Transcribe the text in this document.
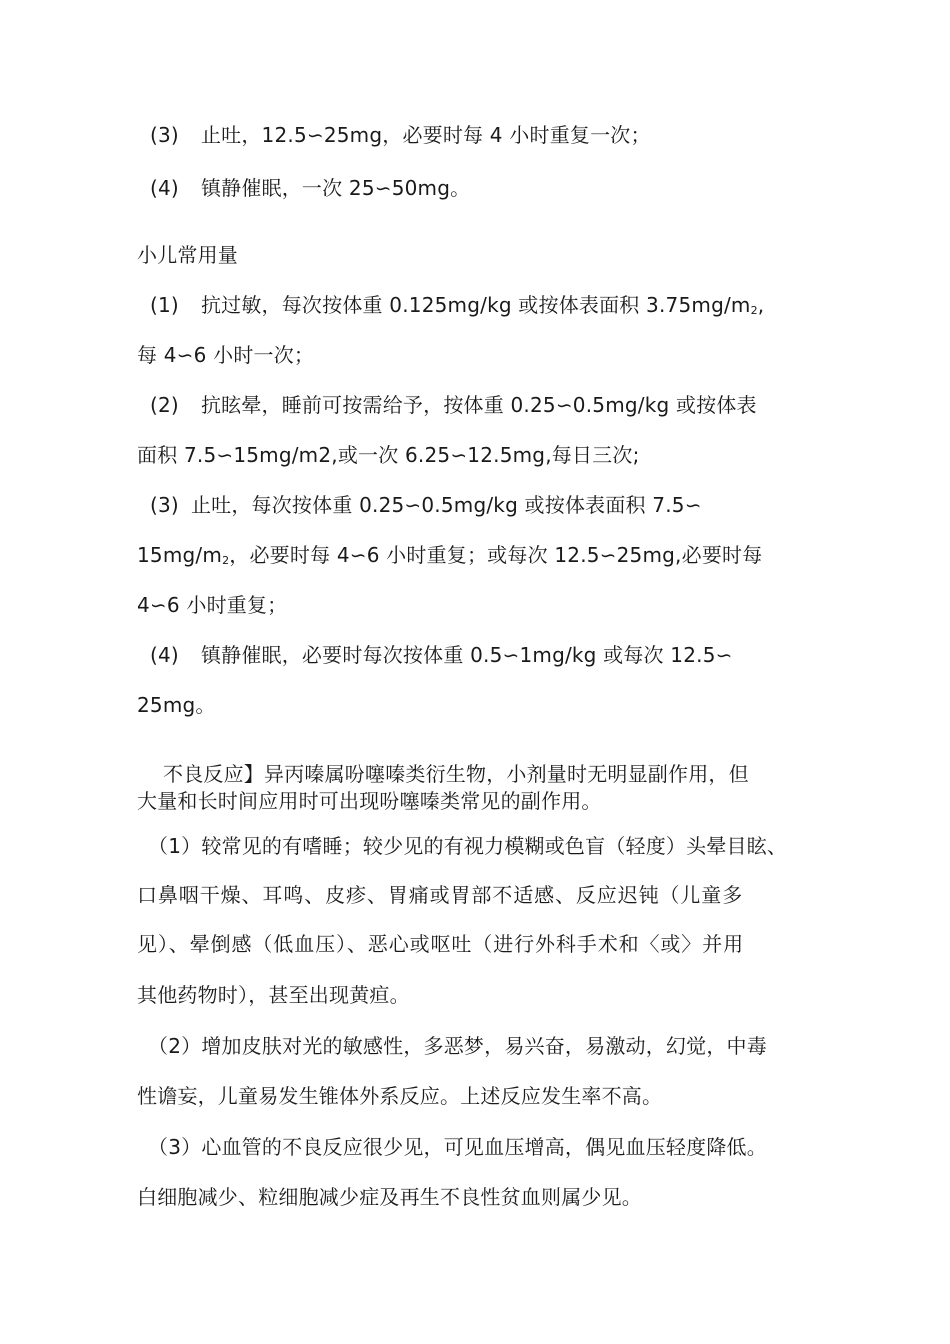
(3) 止吐，12.5∽25mg，必要时每 4 小时重复一次；
(4) 镇静催眠，一次 25∽50mg。
小儿常用量
(1) 抗过敏，每次按体重 0.125mg/kg 或按体表面积 3.75mg/m2,
每 4∽6 小时一次；
(2) 抗眩晕，睡前可按需给予，按体重 0.25∽0.5mg/kg 或按体表
面积 7.5∽15mg/m2,或一次 6.25∽12.5mg,每日三次;
(3) 止吐，每次按体重 0.25∽0.5mg/kg 或按体表面积 7.5∽
15mg/m2，必要时每 4∽6 小时重复；或每次 12.5∽25mg,必要时每
4∽6 小时重复；
(4) 镇静催眠，必要时每次按体重 0.5∽1mg/kg 或每次 12.5∽
25mg。
不良反应】异丙嗪属吩噻嗪类衍生物，小剂量时无明显副作用，但
大量和长时间应用时可出现吩噻嗪类常见的副作用。
（1）较常见的有嗜睡；较少见的有视力模糊或色盲（轻度）头晕目眩、
口鼻咽干燥、耳鸣、皮疹、胃痛或胃部不适感、反应迟钝（儿童多
见）、晕倒感（低血压）、恶心或呕吐（进行外科手术和〈或〉并用
其他药物时），甚至出现黄疸。
（2）增加皮肤对光的敏感性，多恶梦，易兴奋，易激动，幻觉，中毒
性谵妄，儿童易发生锥体外系反应。上述反应发生率不高。
（3）心血管的不良反应很少见，可见血压增高，偶见血压轻度降低。
白细胞减少、粒细胞减少症及再生不良性贫血则属少见。
